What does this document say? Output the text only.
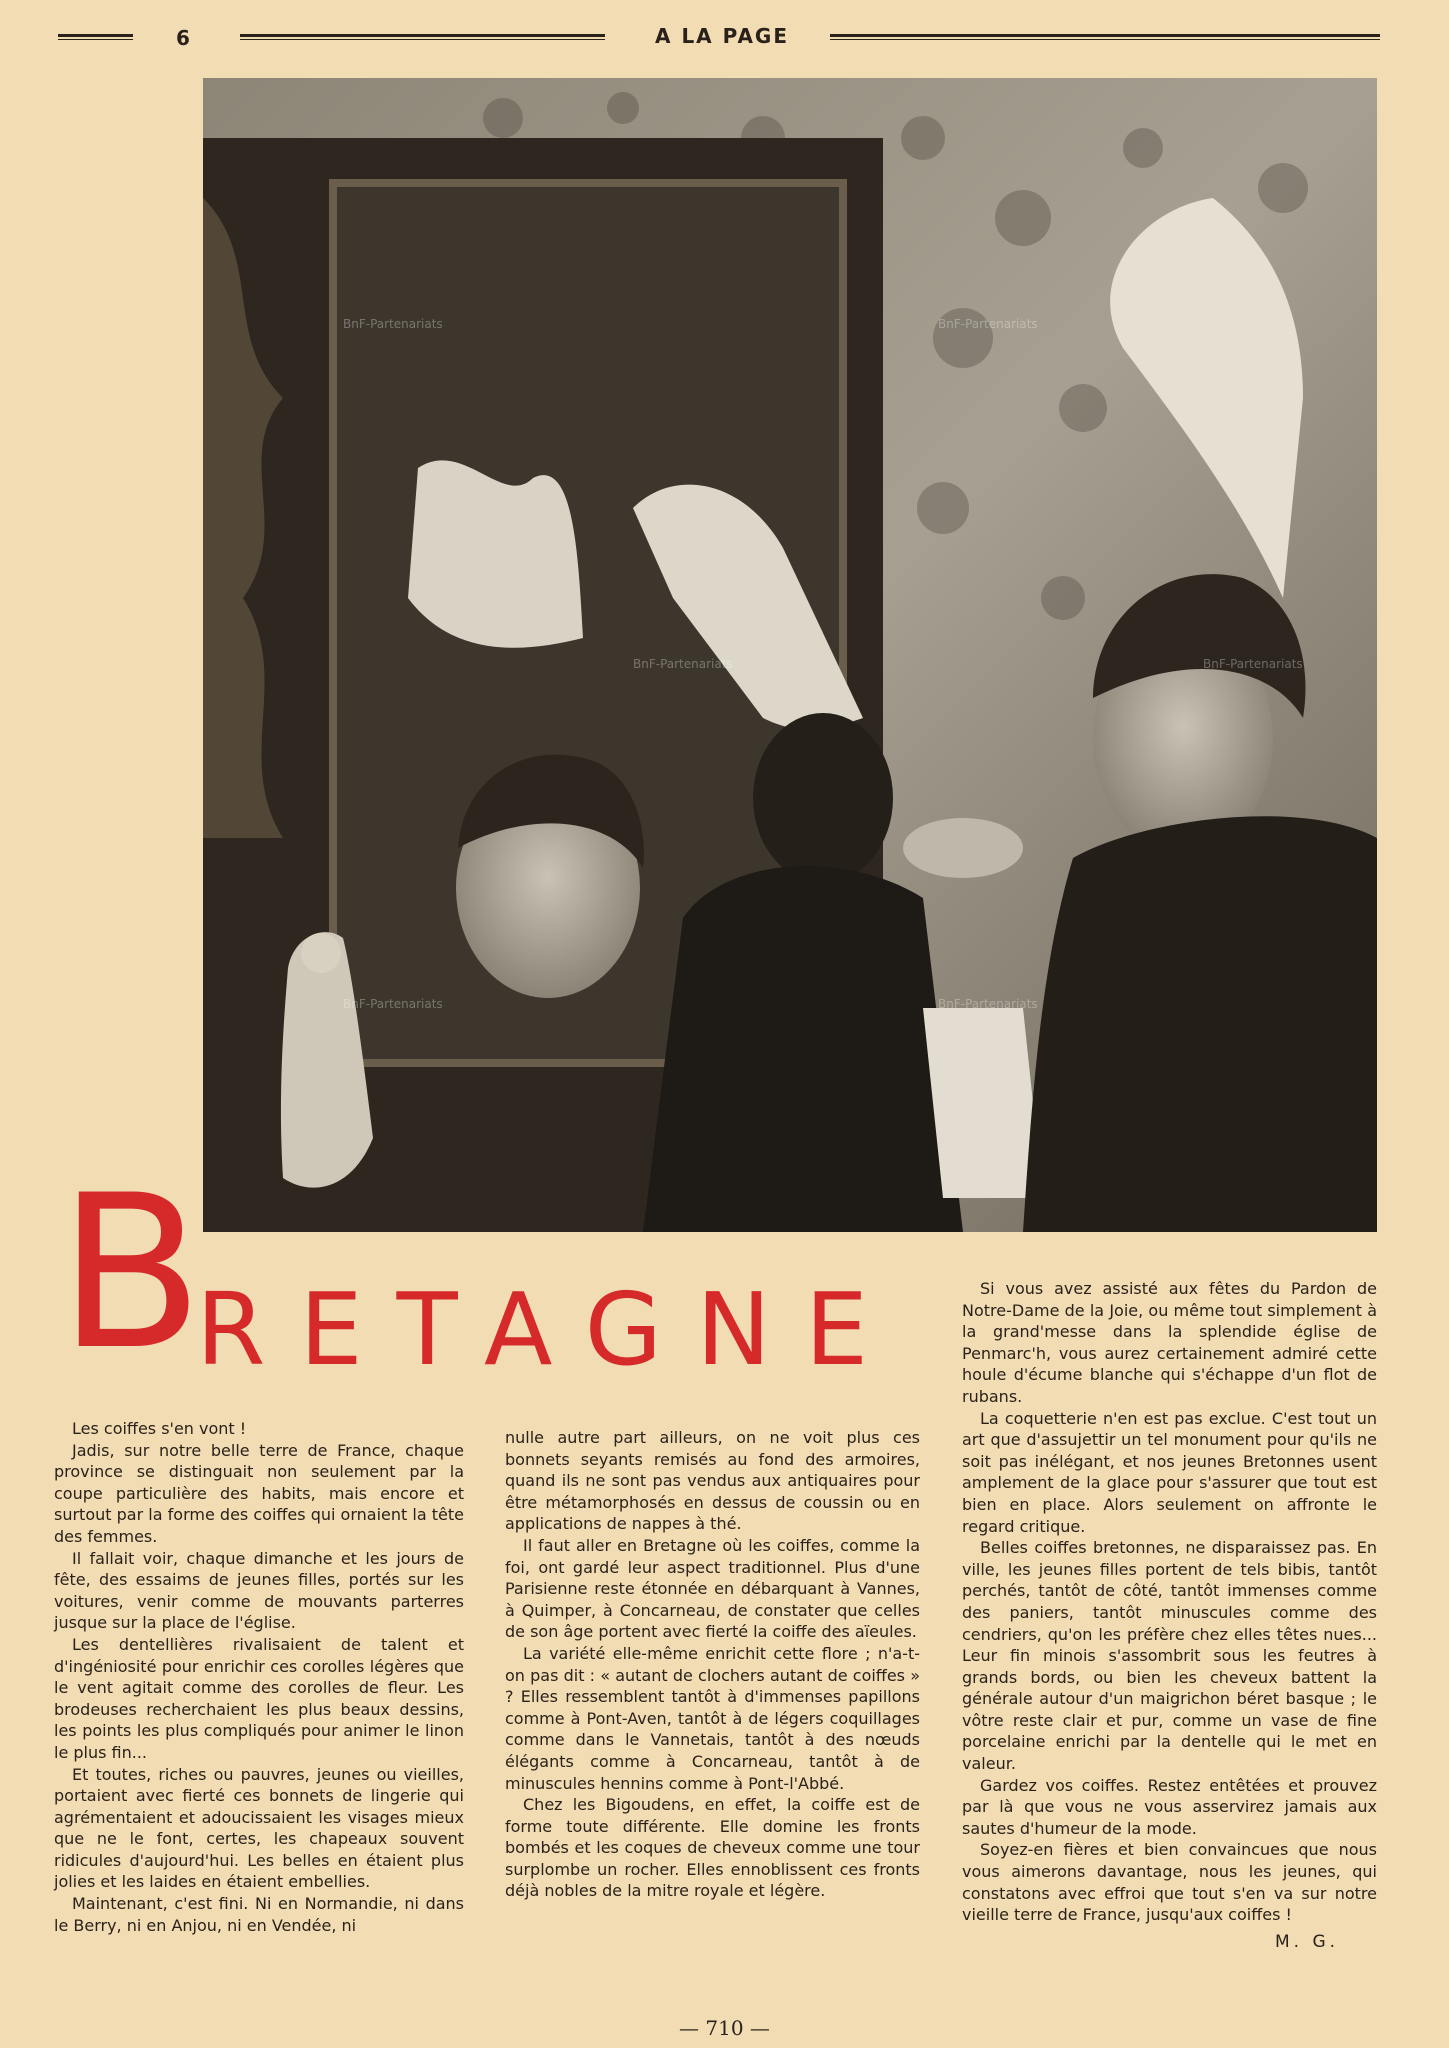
6	A LA PAGE
BnF-Partenariats	BnF-Partenariats
BnF-Partenariats	BnF-Partenariats
BnF-Partenariats	BnF-Partenariats
B
RETAGNE

Les coiffes s'en vont !

Jadis, sur notre belle terre de France, chaque province se distinguait non seulement par la coupe particulière des habits, mais encore et surtout par la forme des coiffes qui ornaient la tête des femmes.

Il fallait voir, chaque dimanche et les jours de fête, des essaims de jeunes filles, portés sur les voitures, venir comme de mouvants parterres jusque sur la place de l'église.

Les dentellières rivalisaient de talent et d'ingéniosité pour enrichir ces corolles légères que le vent agitait comme des corolles de fleur. Les brodeuses recherchaient les plus beaux dessins, les points les plus compliqués pour animer le linon le plus fin...

Et toutes, riches ou pauvres, jeunes ou vieilles, portaient avec fierté ces bonnets de lingerie qui agrémentaient et adoucissaient les visages mieux que ne le font, certes, les chapeaux souvent ridicules d'aujourd'hui. Les belles en étaient plus jolies et les laides en étaient embellies.

Maintenant, c'est fini. Ni en Normandie, ni dans le Berry, ni en Anjou, ni en Vendée, ni

nulle autre part ailleurs, on ne voit plus ces bonnets seyants remisés au fond des armoires, quand ils ne sont pas vendus aux antiquaires pour être métamorphosés en dessus de coussin ou en applications de nappes à thé.

Il faut aller en Bretagne où les coiffes, comme la foi, ont gardé leur aspect traditionnel. Plus d'une Parisienne reste étonnée en débarquant à Vannes, à Quimper, à Concarneau, de constater que celles de son âge portent avec fierté la coiffe des aïeules.

La variété elle-même enrichit cette flore ; n'a-t-on pas dit : « autant de clochers autant de coiffes » ? Elles ressemblent tantôt à d'immenses papillons comme à Pont-Aven, tantôt à de légers coquillages comme dans le Vannetais, tantôt à des nœuds élégants comme à Concarneau, tantôt à de minuscules hennins comme à Pont-l'Abbé.

Chez les Bigoudens, en effet, la coiffe est de forme toute différente. Elle domine les fronts bombés et les coques de cheveux comme une tour surplombe un rocher. Elles ennoblissent ces fronts déjà nobles de la mitre royale et légère.

Si vous avez assisté aux fêtes du Pardon de Notre-Dame de la Joie, ou même tout simplement à la grand'messe dans la splendide église de Penmarc'h, vous aurez certainement admiré cette houle d'écume blanche qui s'échappe d'un flot de rubans.

La coquetterie n'en est pas exclue. C'est tout un art que d'assujettir un tel monument pour qu'ils ne soit pas inélégant, et nos jeunes Bretonnes usent amplement de la glace pour s'assurer que tout est bien en place. Alors seulement on affronte le regard critique.

Belles coiffes bretonnes, ne disparaissez pas. En ville, les jeunes filles portent de tels bibis, tantôt perchés, tantôt de côté, tantôt immenses comme des paniers, tantôt minuscules comme des cendriers, qu'on les préfère chez elles têtes nues... Leur fin minois s'assombrit sous les feutres à grands bords, ou bien les cheveux battent la générale autour d'un maigrichon béret basque ; le vôtre reste clair et pur, comme un vase de fine porcelaine enrichi par la dentelle qui le met en valeur.

Gardez vos coiffes. Restez entêtées et prouvez par là que vous ne vous asservirez jamais aux sautes d'humeur de la mode.

Soyez-en fières et bien convaincues que nous vous aimerons davantage, nous les jeunes, qui constatons avec effroi que tout s'en va sur notre vieille terre de France, jusqu'aux coiffes !

M. G.
— 710 —
